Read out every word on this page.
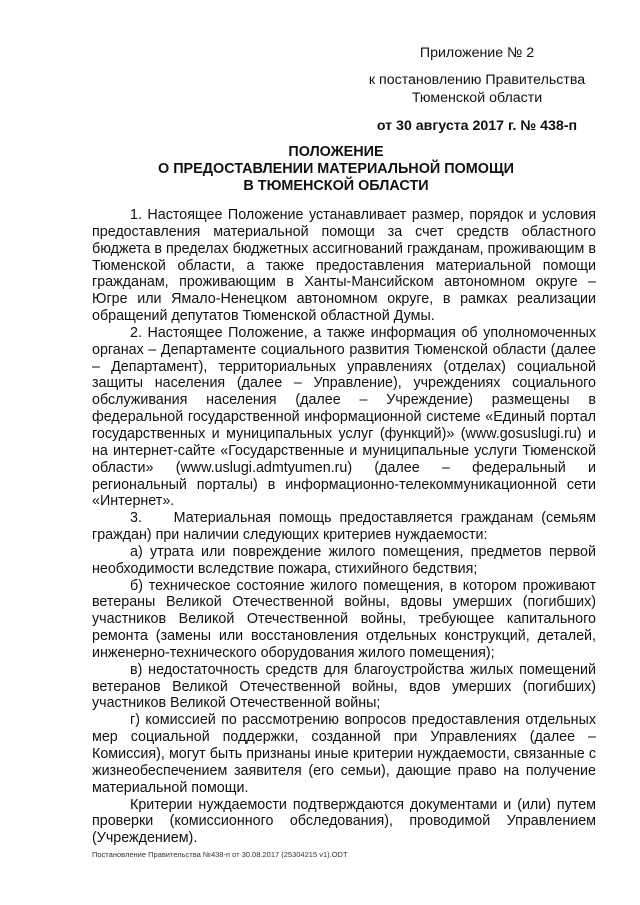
Приложение № 2
к постановлению Правительства
Тюменской области
от 30 августа 2017 г. № 438-п
ПОЛОЖЕНИЕ
О ПРЕДОСТАВЛЕНИИ МАТЕРИАЛЬНОЙ ПОМОЩИ
В ТЮМЕНСКОЙ ОБЛАСТИ

1. Настоящее Положение устанавливает размер, порядок и условия предоставления материальной помощи за счет средств областного бюджета в пределах бюджетных ассигнований гражданам, проживающим в Тюменской области, а также предоставления материальной помощи гражданам, проживающим в Ханты-Мансийском автономном округе – Югре или Ямало-Ненецком автономном округе, в рамках реализации обращений депутатов Тюменской областной Думы.

2. Настоящее Положение, а также информация об уполномоченных органах – Департаменте социального развития Тюменской области (далее – Департамент), территориальных управлениях (отделах) социальной защиты населения (далее – Управление), учреждениях социального обслуживания населения (далее – Учреждение) размещены в федеральной государственной информационной системе «Единый портал государственных и муниципальных услуг (функций)» (www.gosuslugi.ru) и на интернет-сайте «Государственные и муниципальные услуги Тюменской области» (www.uslugi.admtyumen.ru) (далее – федеральный и региональный порталы) в информационно-телекоммуникационной сети «Интернет».

3.    Материальная помощь предоставляется гражданам (семьям граждан) при наличии следующих критериев нуждаемости:

а) утрата или повреждение жилого помещения, предметов первой необходимости вследствие пожара, стихийного бедствия;

б) техническое состояние жилого помещения, в котором проживают ветераны Великой Отечественной войны, вдовы умерших (погибших) участников Великой Отечественной войны, требующее капитального ремонта (замены или восстановления отдельных конструкций, деталей, инженерно-технического оборудования жилого помещения);

в) недостаточность средств для благоустройства жилых помещений ветеранов Великой Отечественной войны, вдов умерших (погибших) участников Великой Отечественной войны;

г) комиссией по рассмотрению вопросов предоставления отдельных мер социальной поддержки, созданной при Управлениях (далее – Комиссия), могут быть признаны иные критерии нуждаемости, связанные с жизнеобеспечением заявителя (его семьи), дающие право на получение материальной помощи.

Критерии нуждаемости подтверждаются документами и (или) путем проверки (комиссионного обследования), проводимой Управлением (Учреждением).

Постановление Правительства №438-п от 30.08.2017 (25304215 v1).ODT
